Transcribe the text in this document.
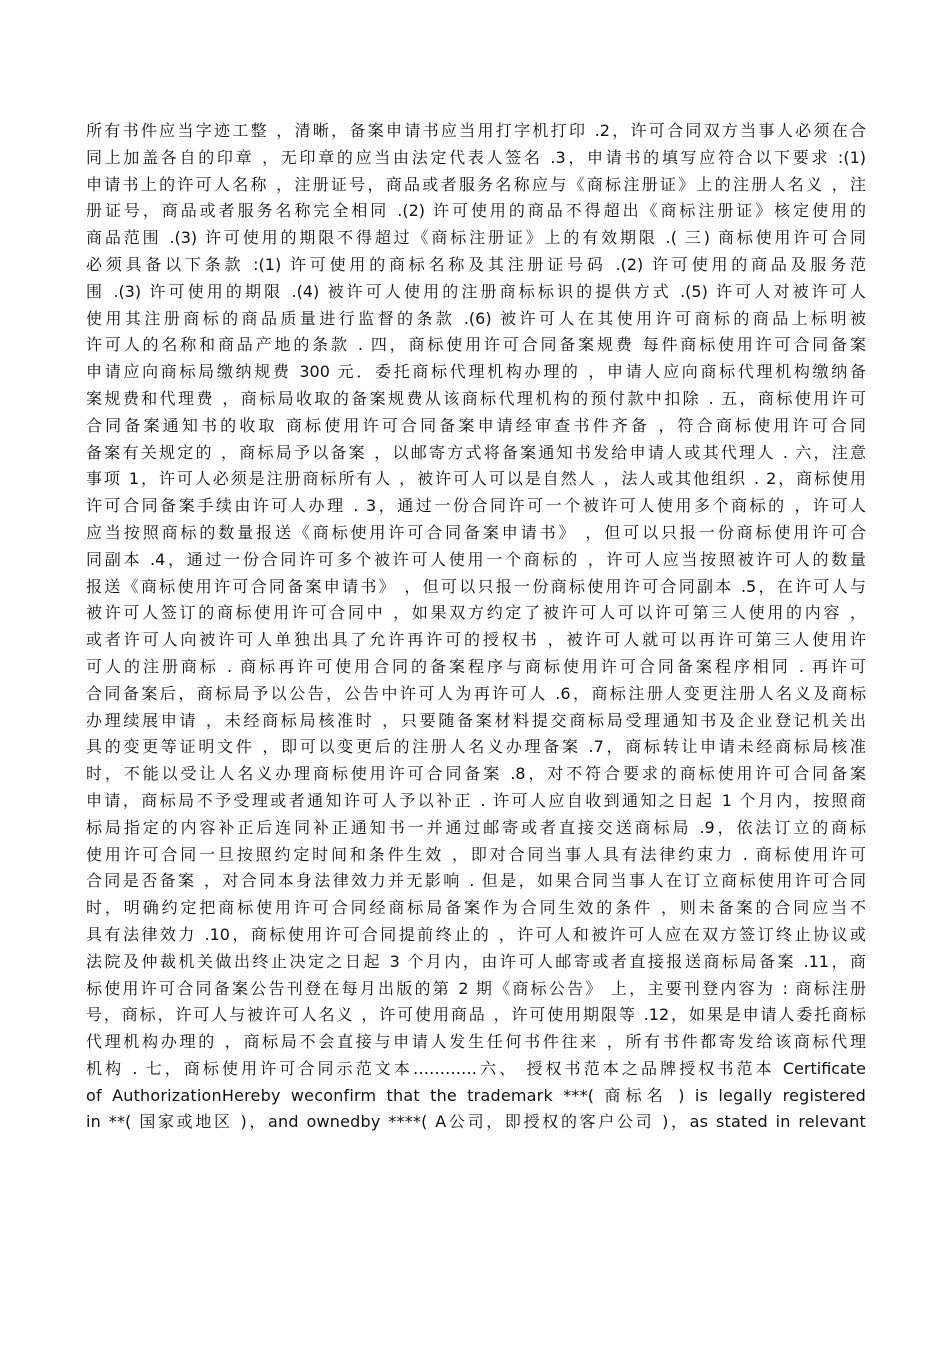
所有书件应当字迹工整 ，清晰，备案申请书应当用打字机打印 .2，许可合同双方当事人必须在合
同上加盖各自的印章 ，无印章的应当由法定代表人签名 .3，申请书的填写应符合以下要求 :(1)
申请书上的许可人名称 ，注册证号，商品或者服务名称应与《商标注册证》上的注册人名义 ，注
册证号，商品或者服务名称完全相同 .(2) 许可使用的商品不得超出《商标注册证》核定使用的
商品范围 .(3) 许可使用的期限不得超过《商标注册证》上的有效期限 .( 三) 商标使用许可合同
必须具备以下条款 :(1) 许可使用的商标名称及其注册证号码 .(2) 许可使用的商品及服务范
围 .(3) 许可使用的期限 .(4) 被许可人使用的注册商标标识的提供方式 .(5) 许可人对被许可人
使用其注册商标的商品质量进行监督的条款 .(6) 被许可人在其使用许可商标的商品上标明被
许可人的名称和商品产地的条款 . 四，商标使用许可合同备案规费 每件商标使用许可合同备案
申请应向商标局缴纳规费 300 元．委托商标代理机构办理的 ，申请人应向商标代理机构缴纳备
案规费和代理费 ，商标局收取的备案规费从该商标代理机构的预付款中扣除 . 五，商标使用许可
合同备案通知书的收取 商标使用许可合同备案申请经审查书件齐备 ，符合商标使用许可合同
备案有关规定的 ，商标局予以备案 ，以邮寄方式将备案通知书发给申请人或其代理人 . 六，注意
事项 1，许可人必须是注册商标所有人 ，被许可人可以是自然人 ，法人或其他组织 . 2，商标使用
许可合同备案手续由许可人办理 . 3，通过一份合同许可一个被许可人使用多个商标的 ，许可人
应当按照商标的数量报送《商标使用许可合同备案申请书》 ，但可以只报一份商标使用许可合
同副本 .4，通过一份合同许可多个被许可人使用一个商标的 ，许可人应当按照被许可人的数量
报送《商标使用许可合同备案申请书》 ，但可以只报一份商标使用许可合同副本 .5，在许可人与
被许可人签订的商标使用许可合同中 ，如果双方约定了被许可人可以许可第三人使用的内容 ，
或者许可人向被许可人单独出具了允许再许可的授权书 ，被许可人就可以再许可第三人使用许
可人的注册商标 . 商标再许可使用合同的备案程序与商标使用许可合同备案程序相同 . 再许可
合同备案后，商标局予以公告，公告中许可人为再许可人 .6，商标注册人变更注册人名义及商标
办理续展申请 ，未经商标局核准时 ，只要随备案材料提交商标局受理通知书及企业登记机关出
具的变更等证明文件 ，即可以变更后的注册人名义办理备案 .7，商标转让申请未经商标局核准
时，不能以受让人名义办理商标使用许可合同备案 .8，对不符合要求的商标使用许可合同备案
申请，商标局不予受理或者通知许可人予以补正 . 许可人应自收到通知之日起 1 个月内，按照商
标局指定的内容补正后连同补正通知书一并通过邮寄或者直接交送商标局 .9，依法订立的商标
使用许可合同一旦按照约定时间和条件生效 ，即对合同当事人具有法律约束力 . 商标使用许可
合同是否备案 ，对合同本身法律效力并无影响 . 但是，如果合同当事人在订立商标使用许可合同
时，明确约定把商标使用许可合同经商标局备案作为合同生效的条件 ，则未备案的合同应当不
具有法律效力 .10，商标使用许可合同提前终止的 ，许可人和被许可人应在双方签订终止协议或
法院及仲裁机关做出终止决定之日起 3 个月内，由许可人邮寄或者直接报送商标局备案 .11，商
标使用许可合同备案公告刊登在每月出版的第 2 期《商标公告》 上，主要刊登内容为 : 商标注册
号，商标，许可人与被许可人名义 ，许可使用商品 ，许可使用期限等 .12，如果是申请人委托商标
代理机构办理的 ，商标局不会直接与申请人发生任何书件往来 ，所有书件都寄发给该商标代理
机构 . 七，商标使用许可合同示范文本…………六、 授权书范本之品牌授权书范本 Certificate
of AuthorizationHereby weconfirm that the trademark ***( 商标名 ) is legally registered
in **( 国家或地区 )，and ownedby ****( A公司，即授权的客户公司 )，as stated in relevant
